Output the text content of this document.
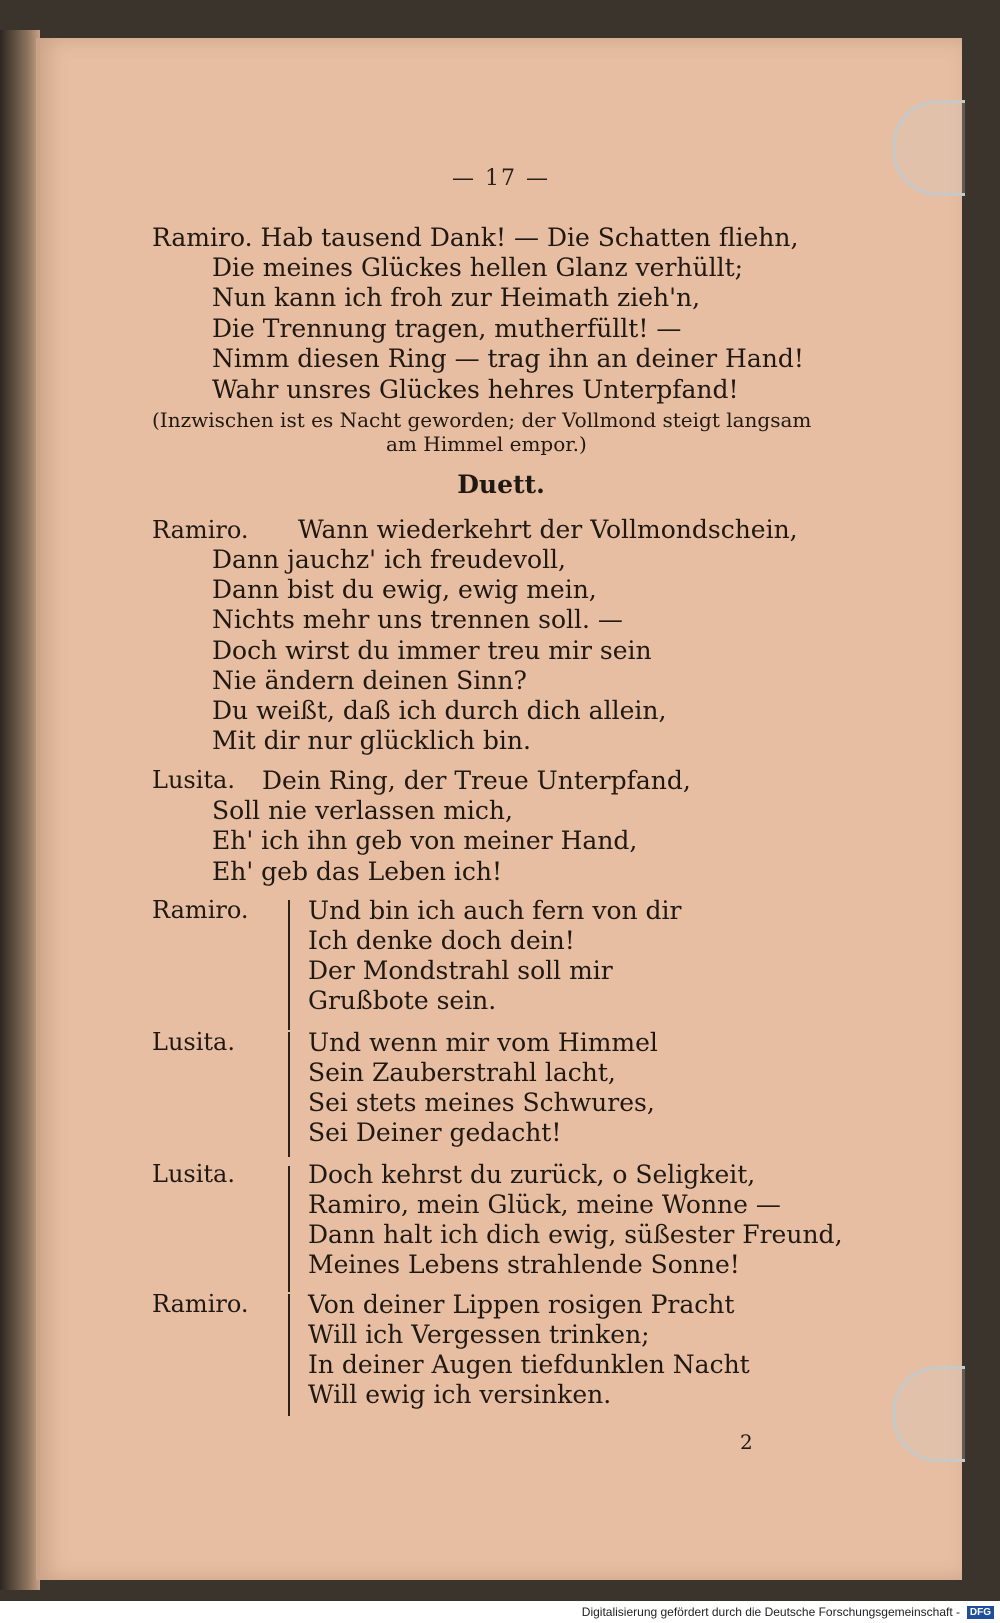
— 17 —
Ramiro. Hab tausend Dank! — Die Schatten fliehn,
Die meines Glückes hellen Glanz verhüllt;
Nun kann ich froh zur Heimath zieh'n,
Die Trennung tragen, mutherfüllt! —
Nimm diesen Ring — trag ihn an deiner Hand!
Wahr unsres Glückes hehres Unterpfand!
(Inzwischen ist es Nacht geworden; der Vollmond steigt langsam
am Himmel empor.)
Duett.
Ramiro. Wann wiederkehrt der Vollmondschein,
Dann jauchz' ich freudevoll,
Dann bist du ewig, ewig mein,
Nichts mehr uns trennen soll. —
Doch wirst du immer treu mir sein
Nie ändern deinen Sinn?
Du weißt, daß ich durch dich allein,
Mit dir nur glücklich bin.
Lusita. Dein Ring, der Treue Unterpfand,
Soll nie verlassen mich,
Eh' ich ihn geb von meiner Hand,
Eh' geb das Leben ich!
Ramiro. Und bin ich auch fern von dir
Ich denke doch dein!
Der Mondstrahl soll mir
Grußbote sein.
Lusita.	Und wenn mir vom Himmel
Sein Zauberstrahl lacht,
Sei stets meines Schwures,
Sei Deiner gedacht!
Lusita.	Doch kehrst du zurück, o Seligkeit,
Ramiro, mein Glück, meine Wonne —
Dann halt ich dich ewig, süßester Freund,
Meines Lebens strahlende Sonne!
Ramiro. Von deiner Lippen rosigen Pracht
Will ich Vergessen trinken;
In deiner Augen tiefdunklen Nacht
Will ewig ich versinken.
2
Digitalisierung gefördert durch die Deutsche Forschungsgemeinschaft - DFG
